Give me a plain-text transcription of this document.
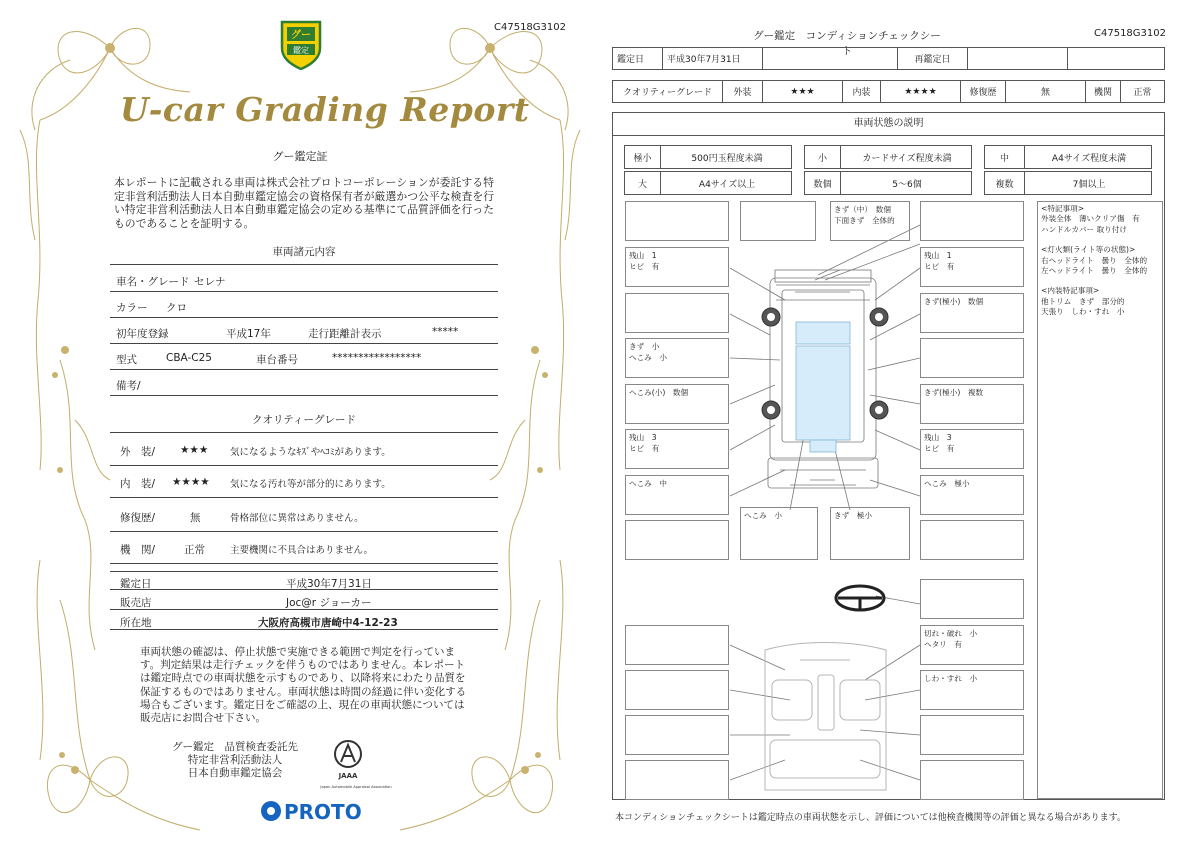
C47518G3102
グー
鑑定
U-car Grading Report
グー鑑定証
本レポートに記載される車両は株式会社プロトコーポレーションが委託する特定非営利活動法人日本自動車鑑定協会の資格保有者が厳選かつ公平な検査を行い特定非営利活動法人日本自動車鑑定協会の定める基準にて品質評価を行ったものであることを証明する。
車両諸元内容
車名・グレード セレナ
カラー クロ
初年度登録	平成17年	走行距離計表示	*****
型式	CBA-C25	車台番号	*****************
備考/
クオリティーグレード
外　装/ ★★★ 気になるようなｷｽﾞやﾍｺﾐがあります。
内　装/ ★★★★ 気になる汚れ等が部分的にあります。
修復歴/	無	骨格部位に異常はありません。
機　関/	正常	主要機関に不具合はありません。
鑑定日	平成30年7月31日
販売店	Joc@r ジョーカー
所在地	大阪府高槻市唐崎中4-12-23
車両状態の確認は、停止状態で実施できる範囲で判定を行っています。判定結果は走行チェックを伴うものではありません。本レポートは鑑定時点での車両状態を示すものであり、以降将来にわたり品質を保証するものではありません。車両状態は時間の経過に伴い変化する場合もございます。鑑定日をご確認の上、現在の車両状態については販売店にお問合せ下さい。
グー鑑定　品質検査委託先
特定非営利活動法人
日本自動車鑑定協会	JAAA
Japan Automobile Appraisal Association
PROTO
グー鑑定　コンディションチェックシート
C47518G3102
鑑定日	平成30年7月31日		再鑑定日		
クオリティーグレード	外装	★★★	内装	★★★★	修復歴	無	機関	正常
車両状態の説明
極小	500円玉程度未満	小	カードサイズ程度未満	中	A4サイズ程度未満
大	A4サイズ以上	数個	5～6個	複数	7個以上
きず（中）　数個
下面きず　全体的
残山　1
ヒビ　有
残山　1
ヒビ　有
きず(極小)　数個
きず　小
へこみ　小
へこみ(小)　数個	きず(極小)　複数
残山　3
ヒビ　有
残山　3
ヒビ　有
へこみ　中	へこみ　極小
へこみ　小	きず　極小
切れ・破れ　小
ヘタリ　有
しわ・すれ　小
<特記事項>
外装全体　薄いクリア傷　有
ハンドルカバー 取り付け
<灯火類(ライト等の状態)>
右ヘッドライト　曇り　全体的
左ヘッドライト　曇り　全体的
<内装特記事項>
他トリム　きず　部分的
天張り　しわ・すれ　小
本コンディションチェックシートは鑑定時点の車両状態を示し、評価については他検査機関等の評価と異なる場合があります。
